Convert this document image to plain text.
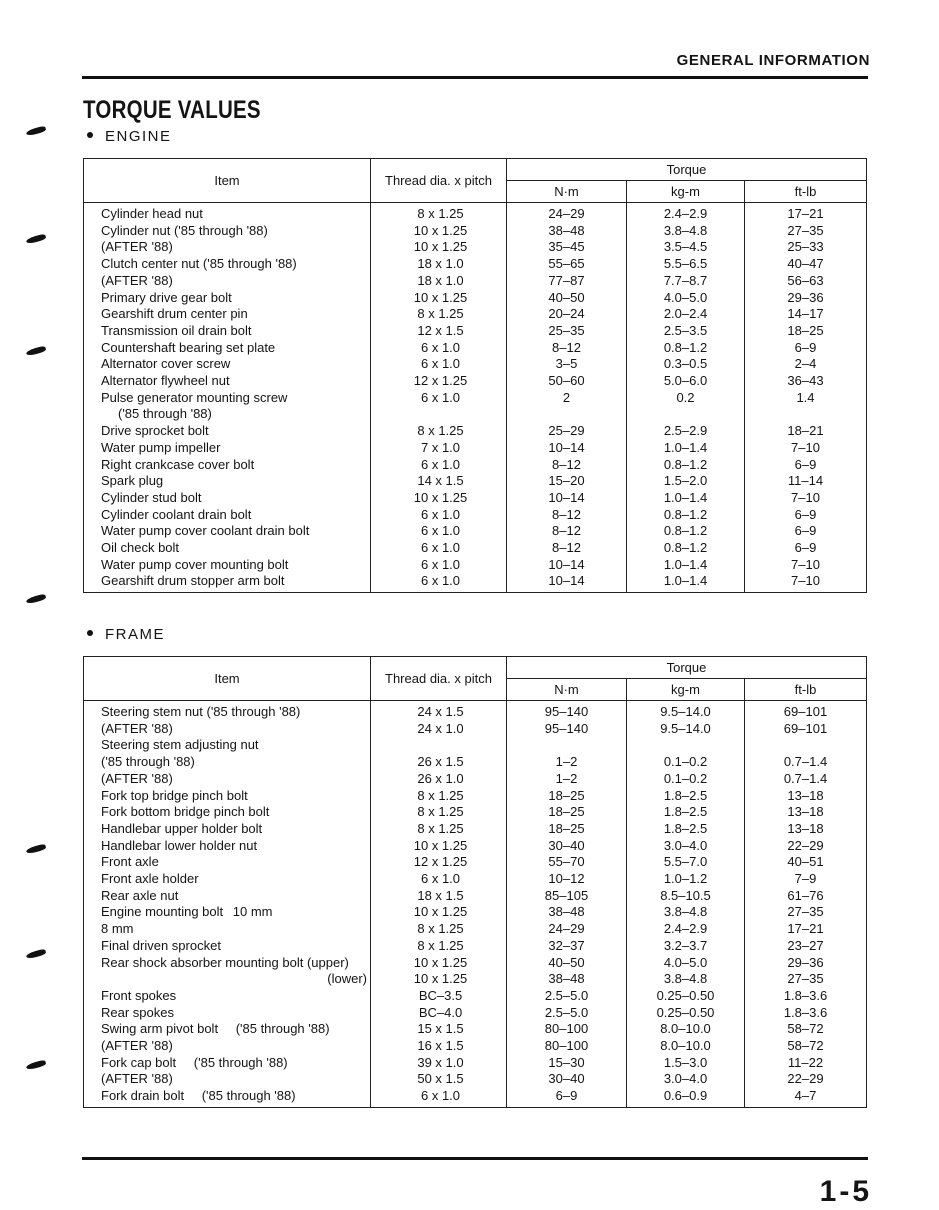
GENERAL INFORMATION
TORQUE VALUES
ENGINE
Item	Thread dia. x pitch	Torque		
		N·m	kg-m	ft-lb
Cylinder head nut	8 x 1.25	24–29	2.4–2.9	17–21
Cylinder nut ('85 through '88)	10 x 1.25	38–48	3.8–4.8	27–35
(AFTER '88)	10 x 1.25	35–45	3.5–4.5	25–33
Clutch center nut ('85 through '88)	18 x 1.0	55–65	5.5–6.5	40–47
(AFTER '88)	18 x 1.0	77–87	7.7–8.7	56–63
Primary drive gear bolt	10 x 1.25	40–50	4.0–5.0	29–36
Gearshift drum center pin	8 x 1.25	20–24	2.0–2.4	14–17
Transmission oil drain bolt	12 x 1.5	25–35	2.5–3.5	18–25
Countershaft bearing set plate	6 x 1.0	8–12	0.8–1.2	6–9
Alternator cover screw	6 x 1.0	3–5	0.3–0.5	2–4
Alternator flywheel nut	12 x 1.25	50–60	5.0–6.0	36–43
Pulse generator mounting screw	6 x 1.0	2	0.2	1.4
('85 through '88)				
Drive sprocket bolt	8 x 1.25	25–29	2.5–2.9	18–21
Water pump impeller	7 x 1.0	10–14	1.0–1.4	7–10
Right crankcase cover bolt	6 x 1.0	8–12	0.8–1.2	6–9
Spark plug	14 x 1.5	15–20	1.5–2.0	11–14
Cylinder stud bolt	10 x 1.25	10–14	1.0–1.4	7–10
Cylinder coolant drain bolt	6 x 1.0	8–12	0.8–1.2	6–9
Water pump cover coolant drain bolt	6 x 1.0	8–12	0.8–1.2	6–9
Oil check bolt	6 x 1.0	8–12	0.8–1.2	6–9
Water pump cover mounting bolt	6 x 1.0	10–14	1.0–1.4	7–10
Gearshift drum stopper arm bolt	6 x 1.0	10–14	1.0–1.4	7–10
FRAME
Item	Thread dia. x pitch	Torque		
		N·m	kg-m	ft-lb
Steering stem nut ('85 through '88)	24 x 1.5	95–140	9.5–14.0	69–101
(AFTER '88)	24 x 1.0	95–140	9.5–14.0	69–101
Steering stem adjusting nut				
('85 through '88)	26 x 1.5	1–2	0.1–0.2	0.7–1.4
(AFTER '88)	26 x 1.0	1–2	0.1–0.2	0.7–1.4
Fork top bridge pinch bolt	8 x 1.25	18–25	1.8–2.5	13–18
Fork bottom bridge pinch bolt	8 x 1.25	18–25	1.8–2.5	13–18
Handlebar upper holder bolt	8 x 1.25	18–25	1.8–2.5	13–18
Handlebar lower holder nut	10 x 1.25	30–40	3.0–4.0	22–29
Front axle	12 x 1.25	55–70	5.5–7.0	40–51
Front axle holder	6 x 1.0	10–12	1.0–1.2	7–9
Rear axle nut	18 x 1.5	85–105	8.5–10.5	61–76
Engine mounting bolt 10 mm	10 x 1.25	38–48	3.8–4.8	27–35
8 mm	8 x 1.25	24–29	2.4–2.9	17–21
Final driven sprocket	8 x 1.25	32–37	3.2–3.7	23–27
Rear shock absorber mounting bolt (upper)	10 x 1.25	40–50	4.0–5.0	29–36
(lower)	10 x 1.25	38–48	3.8–4.8	27–35
Front spokes	BC–3.5	2.5–5.0	0.25–0.50	1.8–3.6
Rear spokes	BC–4.0	2.5–5.0	0.25–0.50	1.8–3.6
Swing arm pivot bolt ('85 through '88)	15 x 1.5	80–100	8.0–10.0	58–72
(AFTER '88)	16 x 1.5	80–100	8.0–10.0	58–72
Fork cap bolt ('85 through '88)	39 x 1.0	15–30	1.5–3.0	11–22
(AFTER '88)	50 x 1.5	30–40	3.0–4.0	22–29
Fork drain bolt ('85 through '88)	6 x 1.0	6–9	0.6–0.9	4–7
1-5
